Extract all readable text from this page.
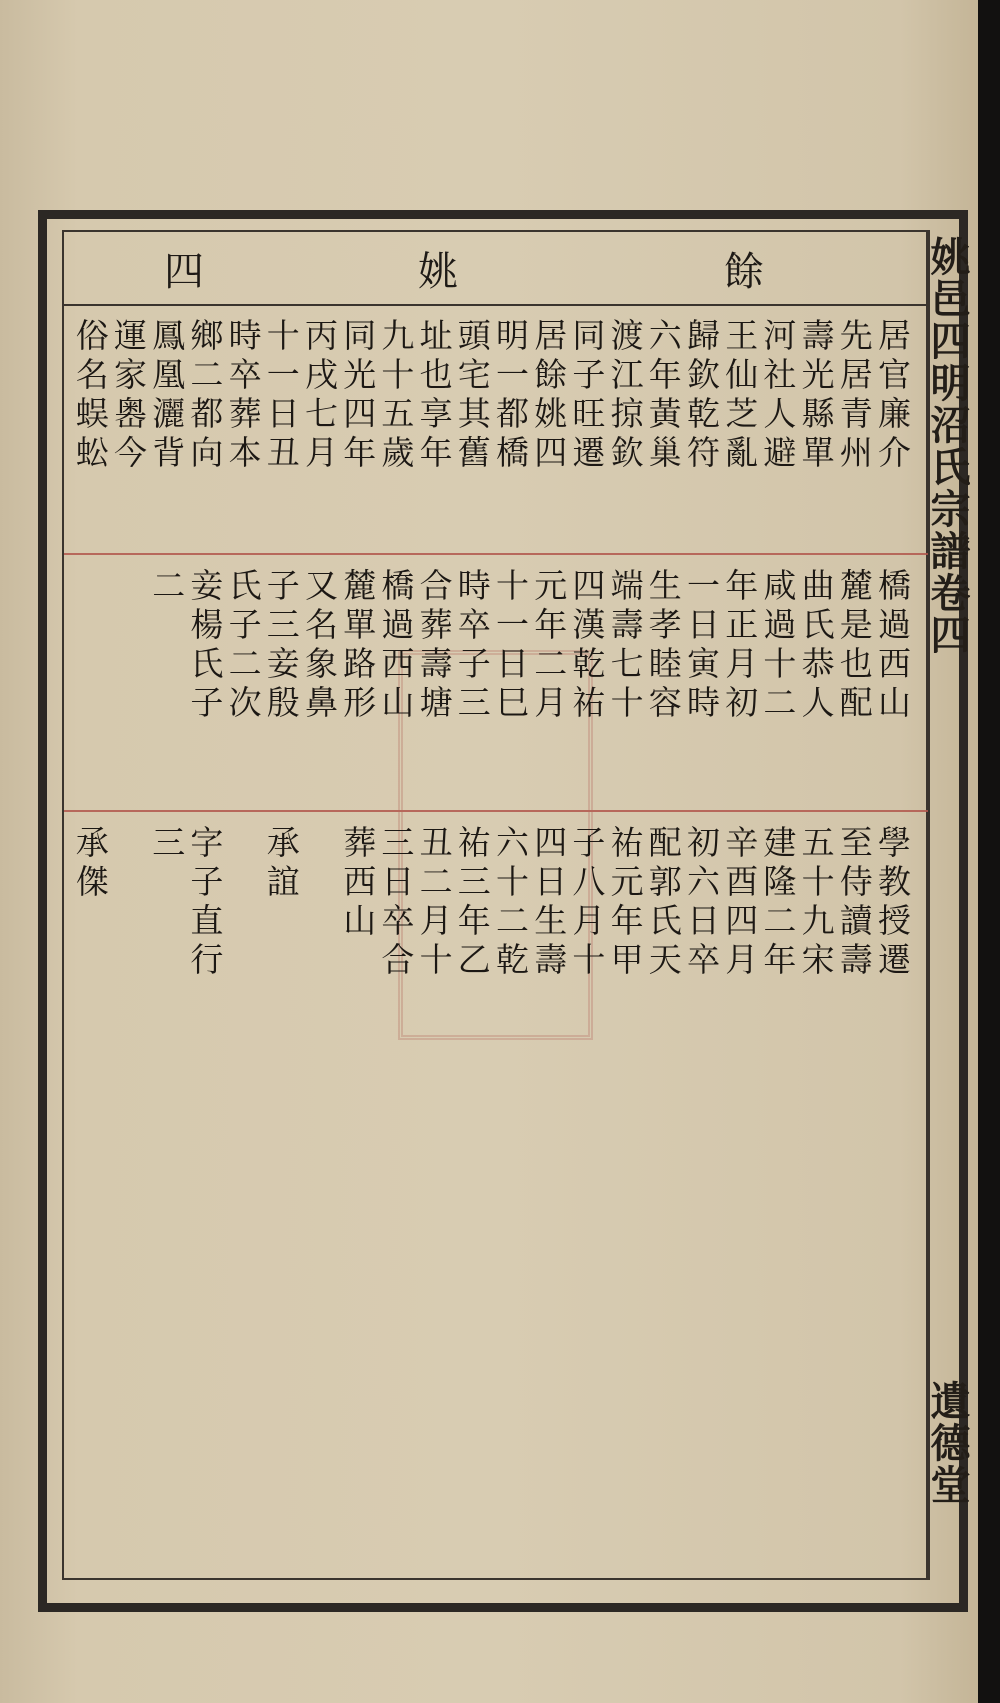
餘
姚
四	姚邑四明沼氏宗譜卷四
遺德堂
居官廉介
橋過西山
學教授遷
先居青州
麓是也配
至侍讀壽
壽光縣單
曲氏恭人
五十九宋
河社人避
咸過十二
建隆二年
王仙芝亂
年正月初
辛酉四月
歸欽乾符
一日寅時
初六日卒
六年黃巢
生孝睦容
配郭氏天
渡江掠欽
端壽七十
祐元年甲
同子旺遷
四漢乾祐
子八月十
居餘姚四
元年二月
四日生壽
明一都橋
十一日巳
六十二乾
頭宅其舊
時卒子三
祐三年乙
址也享年
合葬壽塘
丑二月十
九十五歲
橋過西山
三日卒合
同光四年
麓單路形
葬西山
丙戌七月
又名象鼻
十一日丑
子三妾殷
承誼
時卒葬本
氏子二次
鄉二都向
妾楊氏子
字子直行
鳳凰灑背
二
三
運家嶴今
俗名蜈蚣
承傑
